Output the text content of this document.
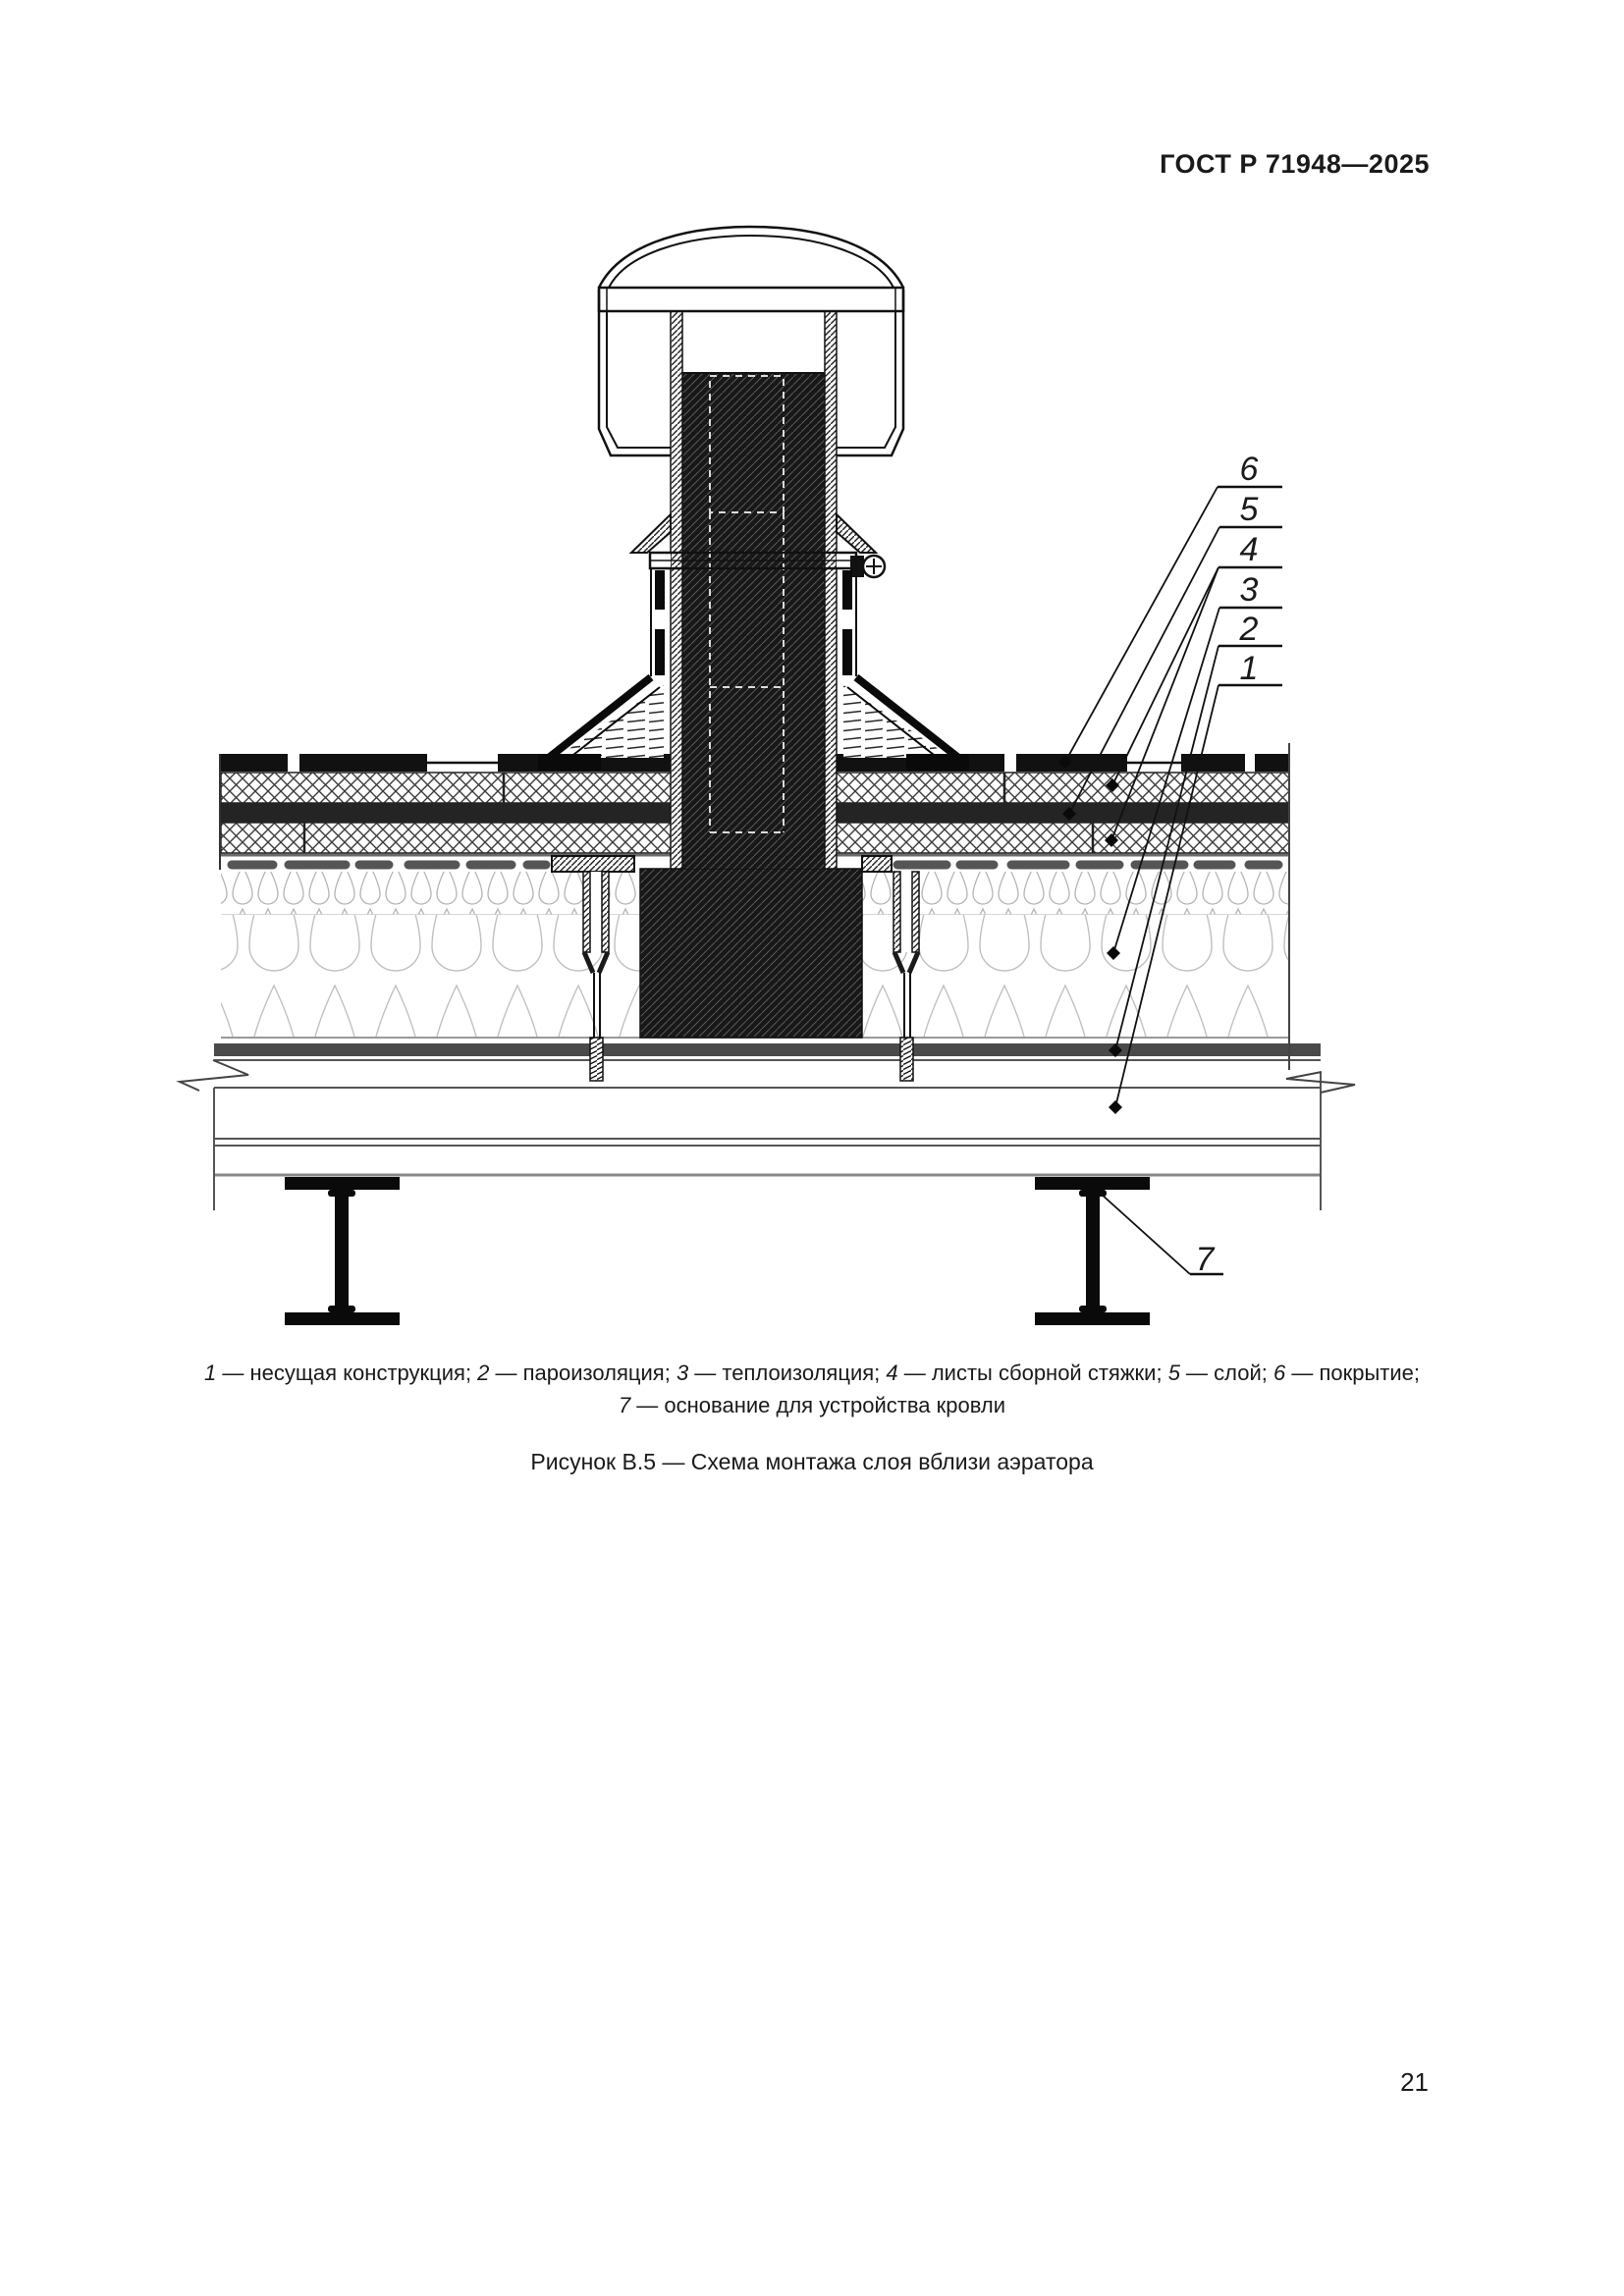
ГОСТ Р 71948—2025
6
5
4
3
2
1
7
1 — несущая конструкция; 2 — пароизоляция; 3 — теплоизоляция; 4 — листы сборной стяжки; 5 — слой; 6 — покрытие;
7 — основание для устройства кровли
Рисунок В.5 — Схема монтажа слоя вблизи аэратора
21
